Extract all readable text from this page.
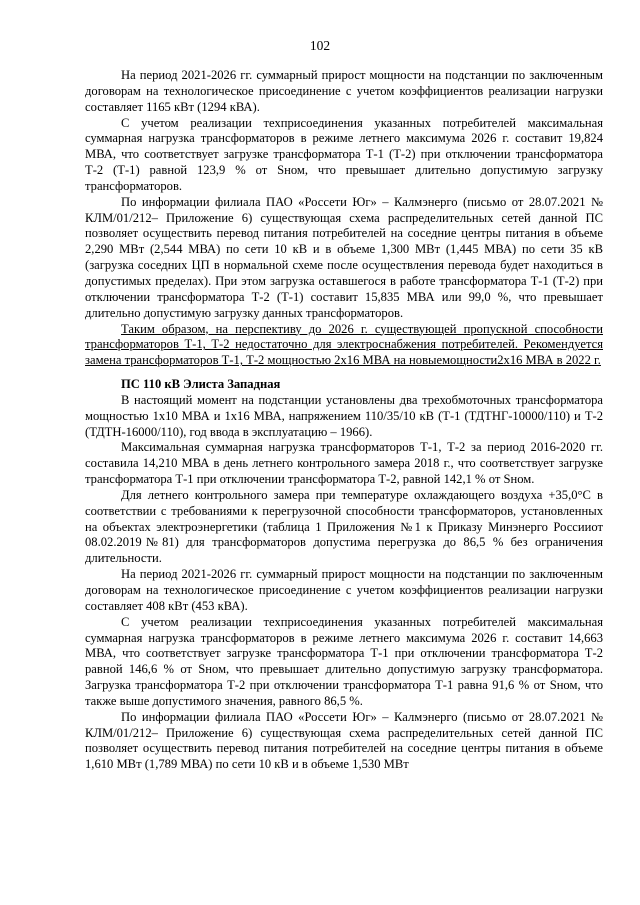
102

На период 2021-2026 гг. суммарный прирост мощности на подстанции по заключенным договорам на технологическое присоединение с учетом коэффициентов реализации нагрузки составляет 1165 кВт (1294 кВА).

С учетом реализации техприсоединения указанных потребителей максимальная суммарная нагрузка трансформаторов в режиме летнего максимума 2026 г. составит 19,824 МВА, что соответствует загрузке трансформатора Т-1 (Т-2) при отключении трансформатора Т-2 (Т-1) равной 123,9 % от Sном, что превышает длительно допустимую загрузку трансформаторов.

По информации филиала ПАО «Россети Юг» – Калмэнерго (письмо от 28.07.2021 № КЛМ/01/212– Приложение 6) существующая схема распределительных сетей данной ПС позволяет осуществить перевод питания потребителей на соседние центры питания в объеме 2,290 МВт (2,544 МВА) по сети 10 кВ и в объеме 1,300 МВт (1,445 МВА) по сети 35 кВ (загрузка соседних ЦП в нормальной схеме после осуществления перевода будет находиться в допустимых пределах). При этом загрузка оставшегося в работе трансформатора Т-1 (Т-2) при отключении трансформатора Т-2 (Т-1) составит 15,835 МВА или 99,0 %, что превышает длительно допустимую загрузку данных трансформаторов.

Таким образом, на перспективу до 2026 г. существующей пропускной способности трансформаторов Т-1, Т-2 недостаточно для электроснабжения потребителей. Рекомендуется замена трансформаторов Т-1, Т-2 мощностью 2х16 МВА на новыемощности2х16 МВА в 2022 г.

ПС 110 кВ Элиста Западная

В настоящий момент на подстанции установлены два трехобмоточных трансформатора мощностью 1х10 МВА и 1х16 МВА, напряжением 110/35/10 кВ (Т-1 (ТДТНГ-10000/110) и Т-2 (ТДТН-16000/110), год ввода в эксплуатацию – 1966).

Максимальная суммарная нагрузка трансформаторов Т-1, Т-2 за период 2016-2020 гг. составила 14,210 МВА в день летнего контрольного замера 2018 г., что соответствует загрузке трансформатора Т-1 при отключении трансформатора Т-2, равной 142,1 % от Sном.

Для летнего контрольного замера при температуре охлаждающего воздуха +35,0°С в соответствии с требованиями к перегрузочной способности трансформаторов, установленных на объектах электроэнергетики (таблица 1 Приложения №1 к Приказу Минэнерго Россииот 08.02.2019№81) для трансформаторов допустима перегрузка до 86,5 % без ограничения длительности.

На период 2021-2026 гг. суммарный прирост мощности на подстанции по заключенным договорам на технологическое присоединение с учетом коэффициентов реализации нагрузки составляет 408 кВт (453 кВА).

С учетом реализации техприсоединения указанных потребителей максимальная суммарная нагрузка трансформаторов в режиме летнего максимума 2026 г. составит 14,663 МВА, что соответствует загрузке трансформатора Т-1 при отключении трансформатора Т-2 равной 146,6 % от Sном, что превышает длительно допустимую загрузку трансформатора. Загрузка трансформатора Т-2 при отключении трансформатора Т-1 равна 91,6 % от Sном, что также выше допустимого значения, равного 86,5 %.

По информации филиала ПАО «Россети Юг» – Калмэнерго (письмо от 28.07.2021 № КЛМ/01/212– Приложение 6) существующая схема распределительных сетей данной ПС позволяет осуществить перевод питания потребителей на соседние центры питания в объеме 1,610 МВт (1,789 МВА) по сети 10 кВ и в объеме 1,530 МВт
